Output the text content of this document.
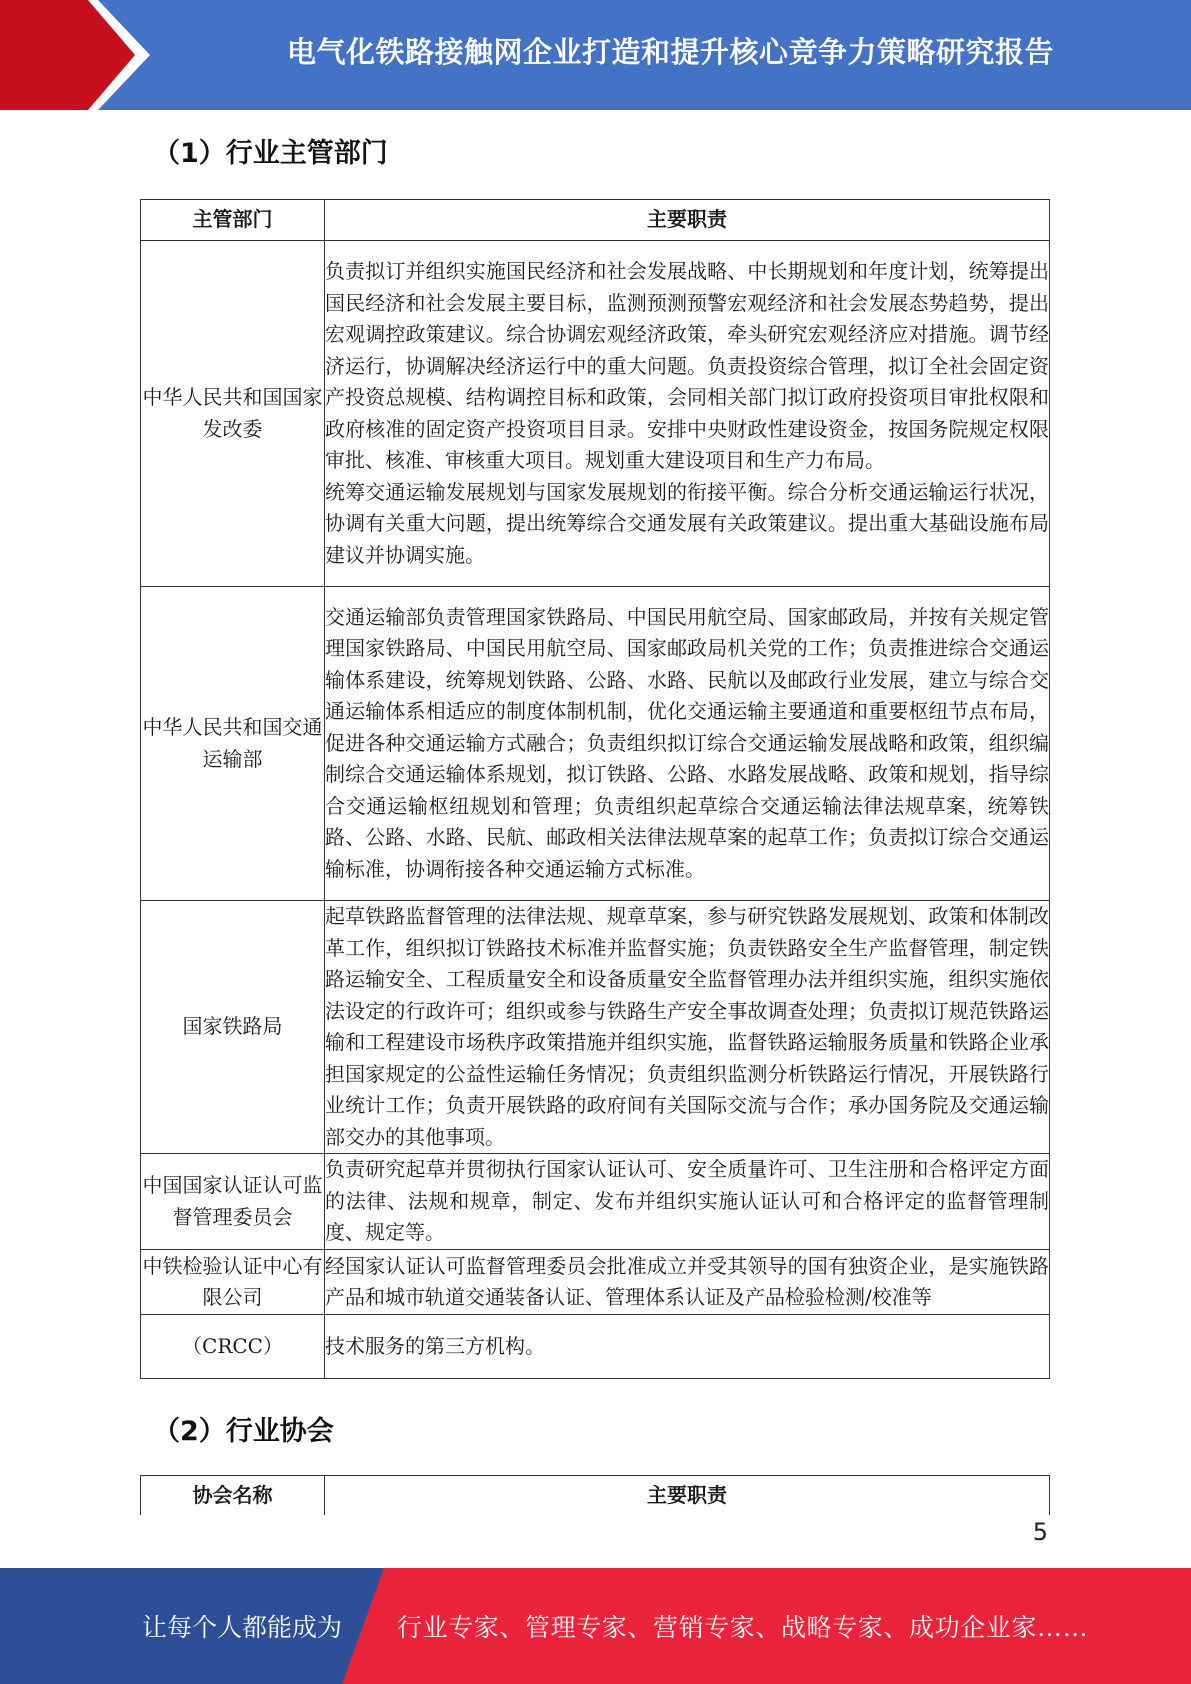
电气化铁路接触网企业打造和提升核心竞争力策略研究报告
（1）行业主管部门
主管部门	主要职责
中华人民共和国国家发改委	负责拟订并组织实施国民经济和社会发展战略、中长期规划和年度计划，统筹提出国民经济和社会发展主要目标，监测预测预警宏观经济和社会发展态势趋势，提出宏观调控政策建议。综合协调宏观经济政策，牵头研究宏观经济应对措施。调节经济运行，协调解决经济运行中的重大问题。负责投资综合管理，拟订全社会固定资产投资总规模、结构调控目标和政策，会同相关部门拟订政府投资项目审批权限和政府核准的固定资产投资项目目录。安排中央财政性建设资金，按国务院规定权限审批、核准、审核重大项目。规划重大建设项目和生产力布局。
统筹交通运输发展规划与国家发展规划的衔接平衡。综合分析交通运输运行状况，协调有关重大问题，提出统筹综合交通发展有关政策建议。提出重大基础设施布局建议并协调实施。

中华人民共和国交通运输部	交通运输部负责管理国家铁路局、中国民用航空局、国家邮政局，并按有关规定管理国家铁路局、中国民用航空局、国家邮政局机关党的工作；负责推进综合交通运输体系建设，统筹规划铁路、公路、水路、民航以及邮政行业发展，建立与综合交通运输体系相适应的制度体制机制，优化交通运输主要通道和重要枢纽节点布局，促进各种交通运输方式融合；负责组织拟订综合交通运输发展战略和政策，组织编制综合交通运输体系规划，拟订铁路、公路、水路发展战略、政策和规划，指导综合交通运输枢纽规划和管理；负责组织起草综合交通运输法律法规草案，统筹铁路、公路、水路、民航、邮政相关法律法规草案的起草工作；负责拟订综合交通运输标准，协调衔接各种交通运输方式标准。

国家铁路局	起草铁路监督管理的法律法规、规章草案，参与研究铁路发展规划、政策和体制改革工作，组织拟订铁路技术标准并监督实施；负责铁路安全生产监督管理，制定铁路运输安全、工程质量安全和设备质量安全监督管理办法并组织实施，组织实施依法设定的行政许可；组织或参与铁路生产安全事故调查处理；负责拟订规范铁路运输和工程建设市场秩序政策措施并组织实施，监督铁路运输服务质量和铁路企业承担国家规定的公益性运输任务情况；负责组织监测分析铁路运行情况，开展铁路行业统计工作；负责开展铁路的政府间有关国际交流与合作；承办国务院及交通运输部交办的其他事项。

中国国家认证认可监督管理委员会	负责研究起草并贯彻执行国家认证认可、安全质量许可、卫生注册和合格评定方面的法律、法规和规章，制定、发布并组织实施认证认可和合格评定的监督管理制度、规定等。

中铁检验认证中心有限公司	经国家认证认可监督管理委员会批准成立并受其领导的国有独资企业，是实施铁路产品和城市轨道交通装备认证、管理体系认证及产品检验检测/校准等

（CRCC）	技术服务的第三方机构。
（2）行业协会
协会名称	主要职责
5
让每个人都能成为 行业专家、管理专家、营销专家、战略专家、成功企业家……
